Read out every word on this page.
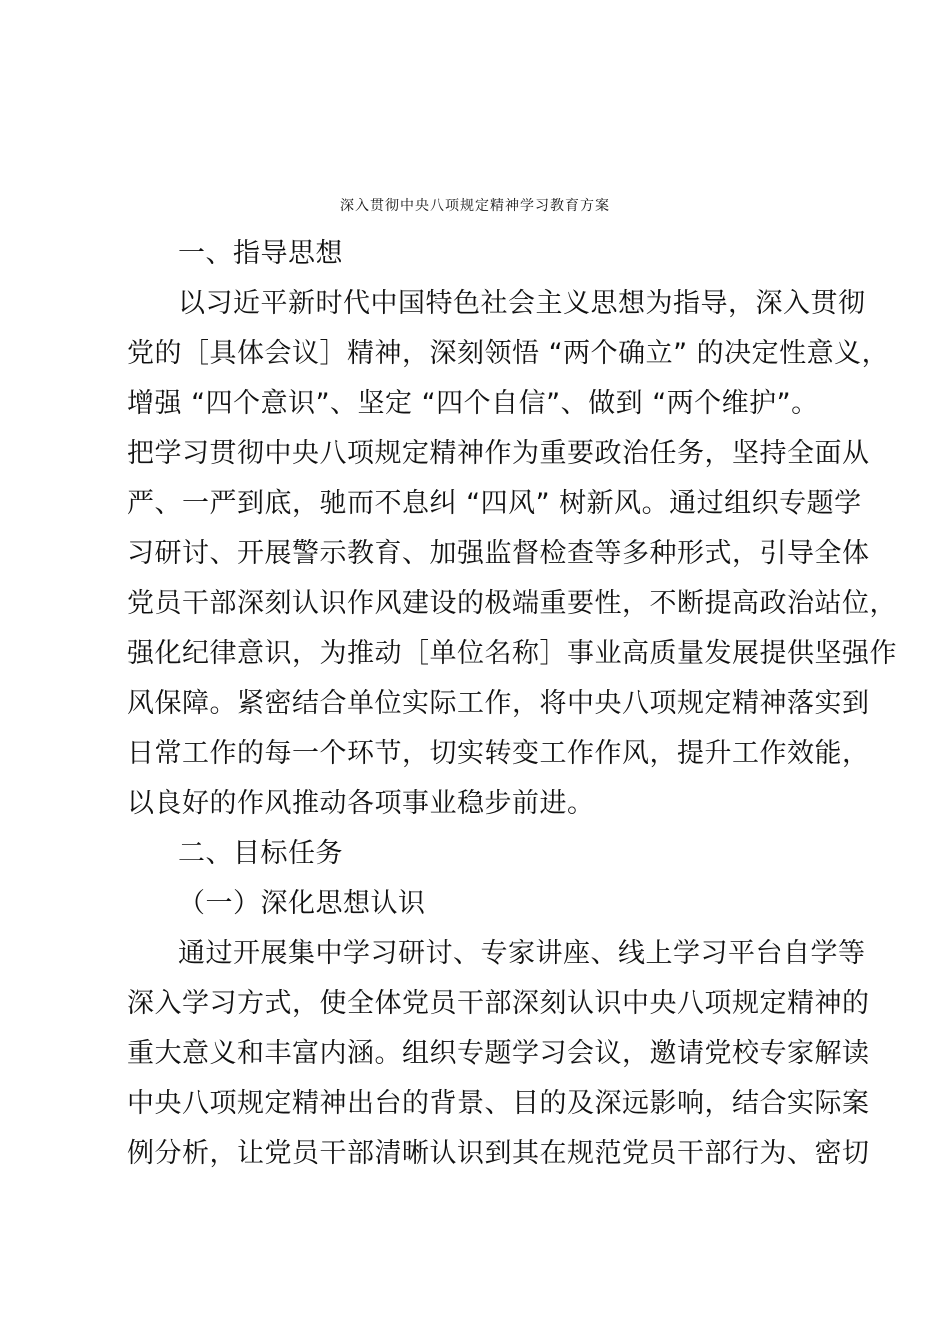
深入贯彻中央八项规定精神学习教育方案
一、指导思想
以习近平新时代中国特色社会主义思想为指导，深入贯彻
党的［具体会议］精神，深刻领悟 “两个确立” 的决定性意义，
增强 “四个意识”、坚定 “四个自信”、做到 “两个维护”。
把学习贯彻中央八项规定精神作为重要政治任务，坚持全面从
严、一严到底，驰而不息纠 “四风” 树新风。通过组织专题学
习研讨、开展警示教育、加强监督检查等多种形式，引导全体
党员干部深刻认识作风建设的极端重要性，不断提高政治站位，
强化纪律意识，为推动［单位名称］事业高质量发展提供坚强作
风保障。紧密结合单位实际工作，将中央八项规定精神落实到
日常工作的每一个环节，切实转变工作作风，提升工作效能，
以良好的作风推动各项事业稳步前进。
二、目标任务
（一）深化思想认识
通过开展集中学习研讨、专家讲座、线上学习平台自学等
深入学习方式，使全体党员干部深刻认识中央八项规定精神的
重大意义和丰富内涵。组织专题学习会议，邀请党校专家解读
中央八项规定精神出台的背景、目的及深远影响，结合实际案
例分析，让党员干部清晰认识到其在规范党员干部行为、密切
